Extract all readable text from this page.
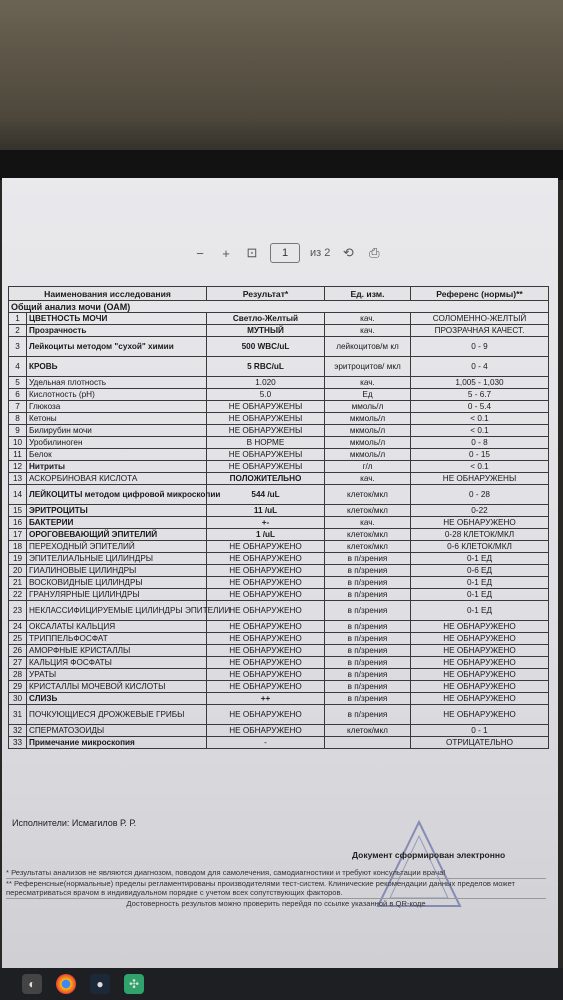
−	+	⊡	1	из 2 ⟲ ⎙
Наименования исследования		Результат*	Ед. изм.	Референс (нормы)**
Общий анализ мочи (ОАМ)				
1	ЦВЕТНОСТЬ МОЧИ	Светло-Желтый	кач.	СОЛОМЕННО-ЖЕЛТЫЙ
2	Прозрачность	МУТНЫЙ	кач.	ПРОЗРАЧНАЯ КАЧЕСТ.
3	Лейкоциты методом "сухой" химии	500 WBC/uL	лейкоцитов/м кл	0 - 9
4	КРОВЬ	5 RBC/uL	эритроцитов/ мкл	0 - 4
5	Удельная плотность	1.020	кач.	1,005 - 1,030
6	Кислотность (pH)	5.0	Ед	5 - 6.7
7	Глюкоза	НЕ ОБНАРУЖЕНЫ	ммоль/л	0 - 5.4
8	Кетоны	НЕ ОБНАРУЖЕНЫ	мкмоль/л	< 0.1
9	Билирубин мочи	НЕ ОБНАРУЖЕНЫ	мкмоль/л	< 0.1
10	Уробилиноген	В НОРМЕ	мкмоль/л	0 - 8
11	Белок	НЕ ОБНАРУЖЕНЫ	мкмоль/л	0 - 15
12	Нитриты	НЕ ОБНАРУЖЕНЫ	г/л	< 0.1
13	АСКОРБИНОВАЯ КИСЛОТА	ПОЛОЖИТЕЛЬНО	кач.	НЕ ОБНАРУЖЕНЫ
14	ЛЕЙКОЦИТЫ методом цифровой микроскопии	544 /uL	клеток/мкл	0 - 28
15	ЭРИТРОЦИТЫ	11 /uL	клеток/мкл	0-22
16	БАКТЕРИИ	+-	кач.	НЕ ОБНАРУЖЕНО
17	ОРОГОВЕВАЮЩИЙ ЭПИТЕЛИЙ	1 /uL	клеток/мкл	0-28 КЛЕТОК/МКЛ
18	ПЕРЕХОДНЫЙ ЭПИТЕЛИЙ	НЕ ОБНАРУЖЕНО	клеток/мкл	0-6 КЛЕТОК/МКЛ
19	ЭПИТЕЛИАЛЬНЫЕ ЦИЛИНДРЫ	НЕ ОБНАРУЖЕНО	в п/зрения	0-1 ЕД
20	ГИАЛИНОВЫЕ ЦИЛИНДРЫ	НЕ ОБНАРУЖЕНО	в п/зрения	0-6 ЕД
21	ВОСКОВИДНЫЕ ЦИЛИНДРЫ	НЕ ОБНАРУЖЕНО	в п/зрения	0-1 ЕД
22	ГРАНУЛЯРНЫЕ ЦИЛИНДРЫ	НЕ ОБНАРУЖЕНО	в п/зрения	0-1 ЕД
23	НЕКЛАССИФИЦИРУЕМЫЕ ЦИЛИНДРЫ ЭПИТЕЛИИ	НЕ ОБНАРУЖЕНО	в п/зрения	0-1 ЕД
24	ОКСАЛАТЫ КАЛЬЦИЯ	НЕ ОБНАРУЖЕНО	в п/зрения	НЕ ОБНАРУЖЕНО
25	ТРИППЕЛЬФОСФАТ	НЕ ОБНАРУЖЕНО	в п/зрения	НЕ ОБНАРУЖЕНО
26	АМОРФНЫЕ КРИСТАЛЛЫ	НЕ ОБНАРУЖЕНО	в п/зрения	НЕ ОБНАРУЖЕНО
27	КАЛЬЦИЯ ФОСФАТЫ	НЕ ОБНАРУЖЕНО	в п/зрения	НЕ ОБНАРУЖЕНО
28	УРАТЫ	НЕ ОБНАРУЖЕНО	в п/зрения	НЕ ОБНАРУЖЕНО
29	КРИСТАЛЛЫ МОЧЕВОЙ КИСЛОТЫ	НЕ ОБНАРУЖЕНО	в п/зрения	НЕ ОБНАРУЖЕНО
30	СЛИЗЬ	++	в п/зрения	НЕ ОБНАРУЖЕНО
31	ПОЧКУЮЩИЕСЯ ДРОЖЖЕВЫЕ ГРИБЫ	НЕ ОБНАРУЖЕНО	в п/зрения	НЕ ОБНАРУЖЕНО
32	СПЕРМАТОЗОИДЫ	НЕ ОБНАРУЖЕНО	клеток/мкл	0 - 1
33	Примечание микроскопия	-		ОТРИЦАТЕЛЬНО
Исполнители: Исмагилов Р. Р.
Документ сформирован электронно
* Результаты анализов не являются диагнозом, поводом для самолечения, самодиагностики и требуют консультации врача!
** Референсные(нормальные) пределы регламентированы производителями тест-систем. Клинические рекомендации данных пределов может пересматриваться врачом в индивидуальном порядке с учетом всех сопутствующих факторов.
Достоверность результов можно проверить перейдя по ссылке указанной в QR-коде
◐	●	✣
